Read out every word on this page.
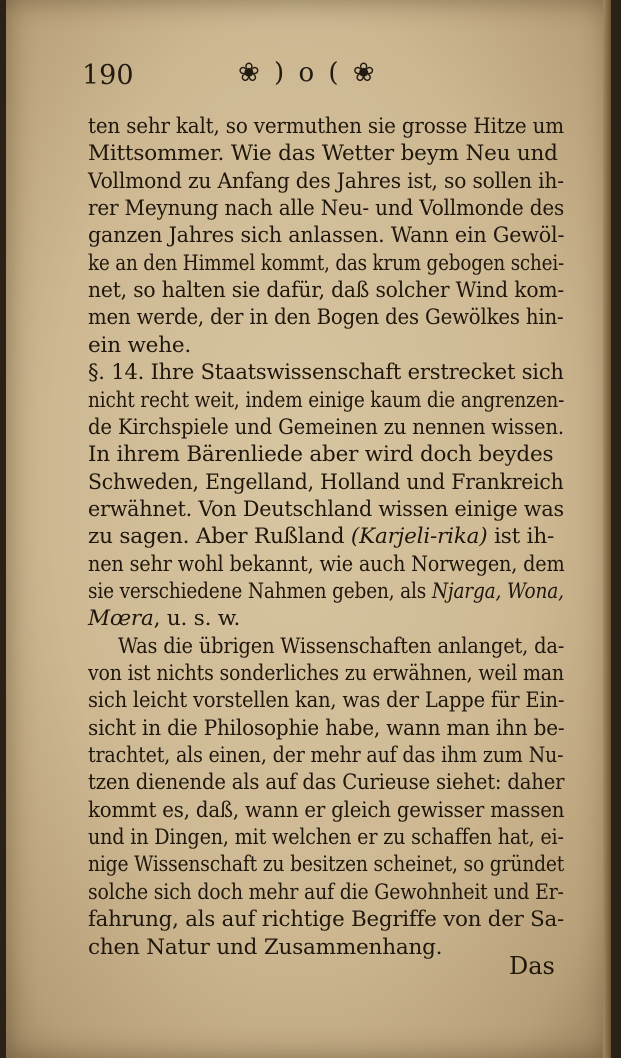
190	❀ ) o ( ❀
ten sehr kalt, so vermuthen sie grosse Hitze um
Mittsommer. Wie das Wetter beym Neu und
Vollmond zu Anfang des Jahres ist, so sollen ih-
rer Meynung nach alle Neu- und Vollmonde des
ganzen Jahres sich anlassen. Wann ein Gewöl-
ke an den Himmel kommt, das krum gebogen schei-
net, so halten sie dafür, daß solcher Wind kom-
men werde, der in den Bogen des Gewölkes hin-
ein wehe.
§. 14. Ihre Staatswissenschaft erstrecket sich
nicht recht weit, indem einige kaum die angrenzen-
de Kirchspiele und Gemeinen zu nennen wissen.
In ihrem Bärenliede aber wird doch beydes
Schweden, Engelland, Holland und Frankreich
erwähnet. Von Deutschland wissen einige was
zu sagen. Aber Rußland (Karjeli-rika) ist ih-
nen sehr wohl bekannt, wie auch Norwegen, dem
sie verschiedene Nahmen geben, als Njarga, Wona,
Mœra, u. s. w.
Was die übrigen Wissenschaften anlanget, da-
von ist nichts sonderliches zu erwähnen, weil man
sich leicht vorstellen kan, was der Lappe für Ein-
sicht in die Philosophie habe, wann man ihn be-
trachtet, als einen, der mehr auf das ihm zum Nu-
tzen dienende als auf das Curieuse siehet: daher
kommt es, daß, wann er gleich gewisser massen
und in Dingen, mit welchen er zu schaffen hat, ei-
nige Wissenschaft zu besitzen scheinet, so gründet
solche sich doch mehr auf die Gewohnheit und Er-
fahrung, als auf richtige Begriffe von der Sa-
chen Natur und Zusammenhang.
Das
